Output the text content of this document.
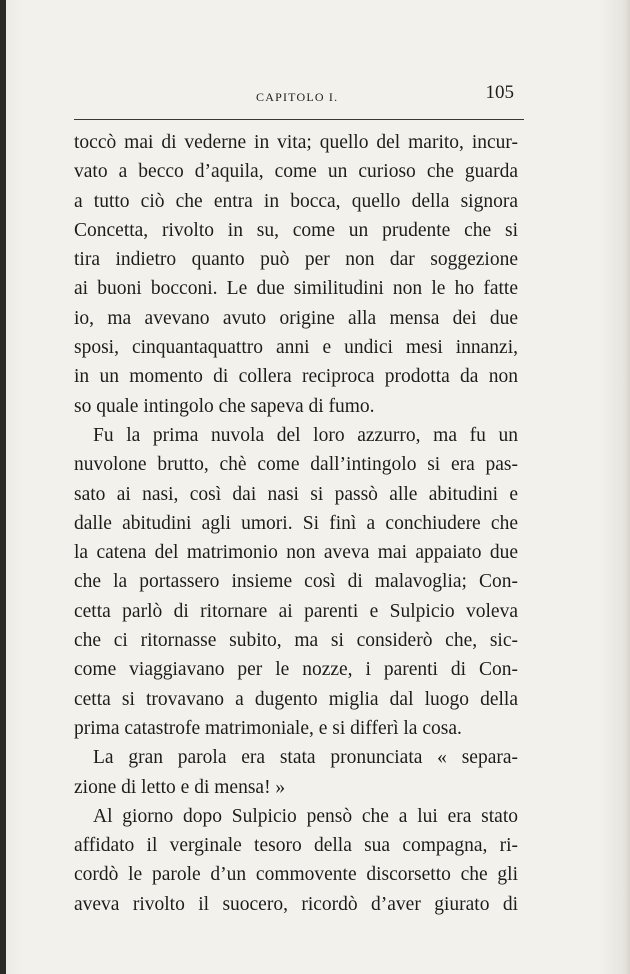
CAPITOLO I.	105
toccò mai di vederne in vita; quello del marito, incur-
vato a becco d’aquila, come un curioso che guarda
a tutto ciò che entra in bocca, quello della signora
Concetta, rivolto in su, come un prudente che si
tira indietro quanto può per non dar soggezione
ai buoni bocconi. Le due similitudini non le ho fatte
io, ma avevano avuto origine alla mensa dei due
sposi, cinquantaquattro anni e undici mesi innanzi,
in un momento di collera reciproca prodotta da non
so quale intingolo che sapeva di fumo.
Fu la prima nuvola del loro azzurro, ma fu un
nuvolone brutto, chè come dall’intingolo si era pas-
sato ai nasi, così dai nasi si passò alle abitudini e
dalle abitudini agli umori. Si finì a conchiudere che
la catena del matrimonio non aveva mai appaiato due
che la portassero insieme così di malavoglia; Con-
cetta parlò di ritornare ai parenti e Sulpicio voleva
che ci ritornasse subito, ma si considerò che, sic-
come viaggiavano per le nozze, i parenti di Con-
cetta si trovavano a dugento miglia dal luogo della
prima catastrofe matrimoniale, e si differì la cosa.
La gran parola era stata pronunciata « separa-
zione di letto e di mensa! »
Al giorno dopo Sulpicio pensò che a lui era stato
affidato il verginale tesoro della sua compagna, ri-
cordò le parole d’un commovente discorsetto che gli
aveva rivolto il suocero, ricordò d’aver giurato di
